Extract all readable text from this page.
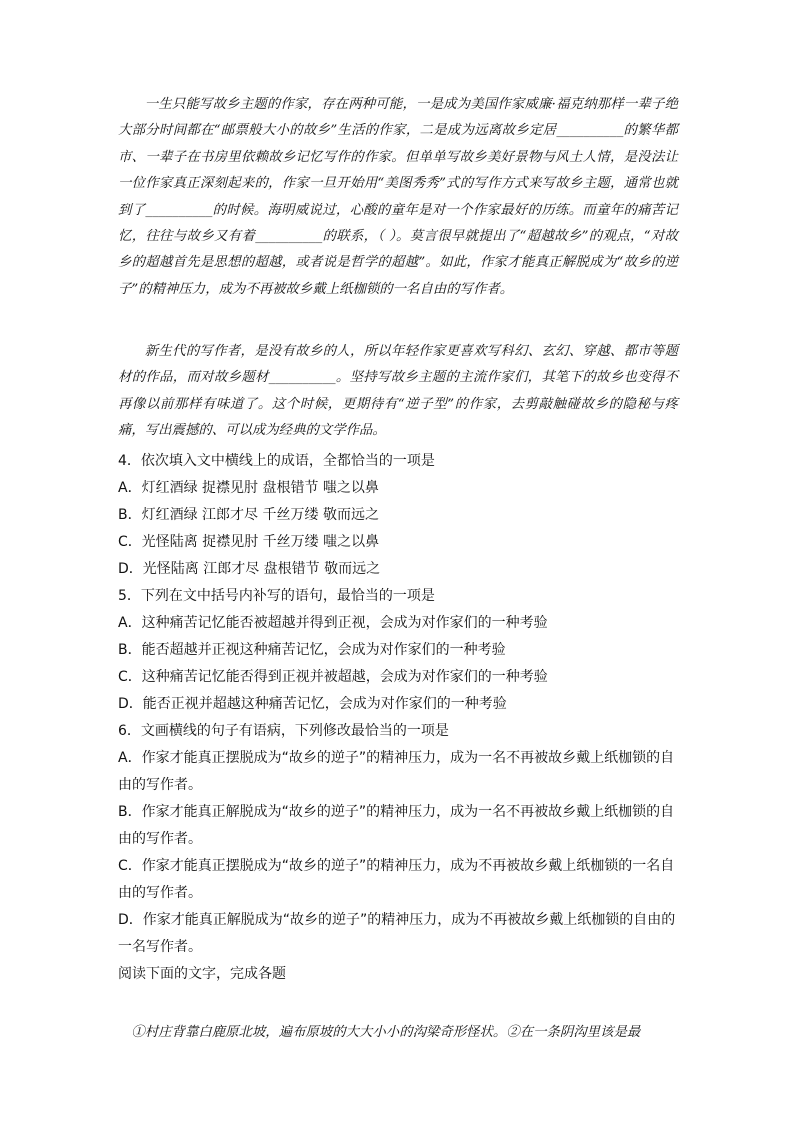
一生只能写故乡主题的作家，存在两种可能，一是成为美国作家威廉·福克纳那样一辈子绝大部分时间都在“邮票般大小的故乡”生活的作家，二是成为远离故乡定居__________的繁华都市、一辈子在书房里依赖故乡记忆写作的作家。但单单写故乡美好景物与风土人情，是没法让一位作家真正深刻起来的，作家一旦开始用“美图秀秀”式的写作方式来写故乡主题，通常也就到了__________的时候。海明威说过，心酸的童年是对一个作家最好的历练。而童年的痛苦记忆，往往与故乡又有着__________的联系，（ ）。莫言很早就提出了“超越故乡”的观点，“对故乡的超越首先是思想的超越，或者说是哲学的超越”。如此，作家才能真正解脱成为“故乡的逆子”的精神压力，成为不再被故乡戴上纸枷锁的一名自由的写作者。

新生代的写作者，是没有故乡的人，所以年轻作家更喜欢写科幻、玄幻、穿越、都市等题材的作品，而对故乡题材__________。坚持写故乡主题的主流作家们，其笔下的故乡也变得不再像以前那样有味道了。这个时候，更期待有“逆子型”的作家，去剪敲触碰故乡的隐秘与疼痛，写出震撼的、可以成为经典的文学作品。

4．依次填入文中横线上的成语，全都恰当的一项是
A．灯红酒绿 捉襟见肘 盘根错节 嗤之以鼻
B．灯红酒绿 江郎才尽 千丝万缕 敬而远之
C．光怪陆离 捉襟见肘 千丝万缕 嗤之以鼻
D．光怪陆离 江郎才尽 盘根错节 敬而远之
5．下列在文中括号内补写的语句，最恰当的一项是
A．这种痛苦记忆能否被超越并得到正视，会成为对作家们的一种考验
B．能否超越并正视这种痛苦记忆，会成为对作家们的一种考验
C．这种痛苦记忆能否得到正视并被超越，会成为对作家们的一种考验
D．能否正视并超越这种痛苦记忆，会成为对作家们的一种考验
6．文画横线的句子有语病，下列修改最恰当的一项是
A．作家才能真正摆脱成为“故乡的逆子”的精神压力，成为一名不再被故乡戴上纸枷锁的自由的写作者。
B．作家才能真正解脱成为“故乡的逆子”的精神压力，成为一名不再被故乡戴上纸枷锁的自由的写作者。
C．作家才能真正摆脱成为“故乡的逆子”的精神压力，成为不再被故乡戴上纸枷锁的一名自由的写作者。
D．作家才能真正解脱成为“故乡的逆子”的精神压力，成为不再被故乡戴上纸枷锁的自由的一名写作者。
阅读下面的文字，完成各题
①村庄背靠白鹿原北坡，遍布原坡的大大小小的沟梁奇形怪状。②在一条阴沟里该是最
